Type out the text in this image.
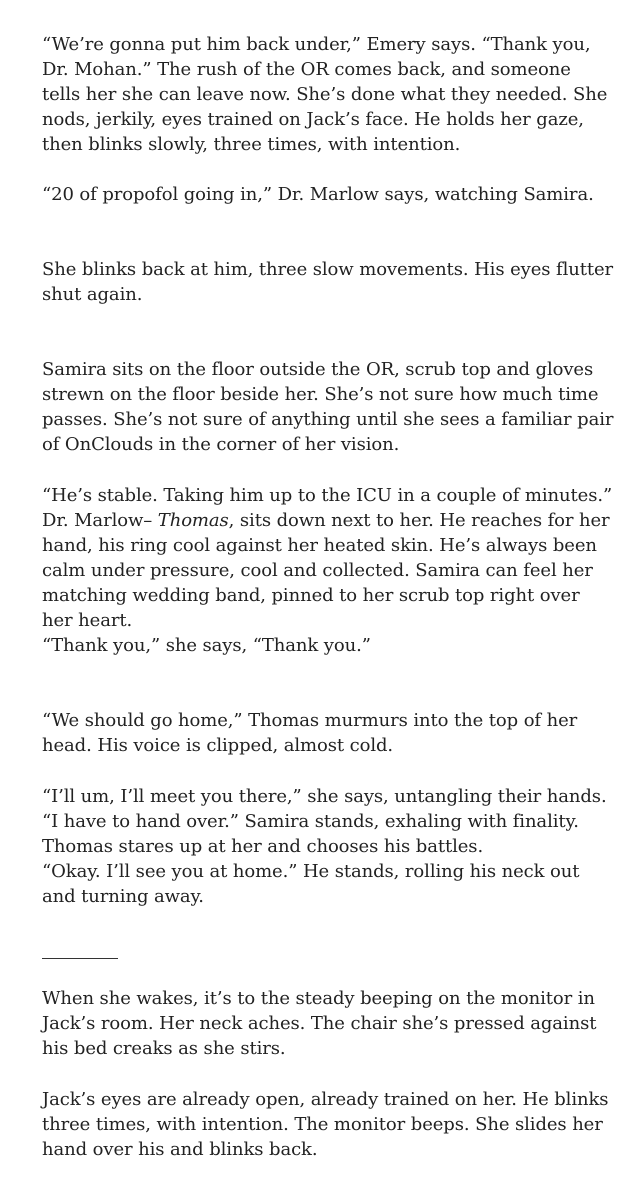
“We’re gonna put him back under,” Emery says. “Thank you, Dr. Mohan.” The rush of the OR comes back, and someone tells her she can leave now. She’s done what they needed. She nods, jerkily, eyes trained on Jack’s face. He holds her gaze, then blinks slowly, three times, with intention.

“20 of propofol going in,” Dr. Marlow says, watching Samira.

She blinks back at him, three slow movements. His eyes flutter shut again.

Samira sits on the floor outside the OR, scrub top and gloves strewn on the floor beside her. She’s not sure how much time passes. She’s not sure of anything until she sees a familiar pair of OnClouds in the corner of her vision.

“He’s stable. Taking him up to the ICU in a couple of minutes.” Dr. Marlow– Thomas, sits down next to her. He reaches for her hand, his ring cool against her heated skin. He’s always been calm under pressure, cool and collected. Samira can feel her matching wedding band, pinned to her scrub top right over her heart.

“Thank you,” she says, “Thank you.”

“We should go home,” Thomas murmurs into the top of her head. His voice is clipped, almost cold.

“I’ll um, I’ll meet you there,” she says, untangling their hands. “I have to hand over.” Samira stands, exhaling with finality. Thomas stares up at her and chooses his battles.

“Okay. I’ll see you at home.” He stands, rolling his neck out and turning away.

When she wakes, it’s to the steady beeping on the monitor in Jack’s room. Her neck aches. The chair she’s pressed against his bed creaks as she stirs.

Jack’s eyes are already open, already trained on her. He blinks three times, with intention. The monitor beeps. She slides her hand over his and blinks back.
